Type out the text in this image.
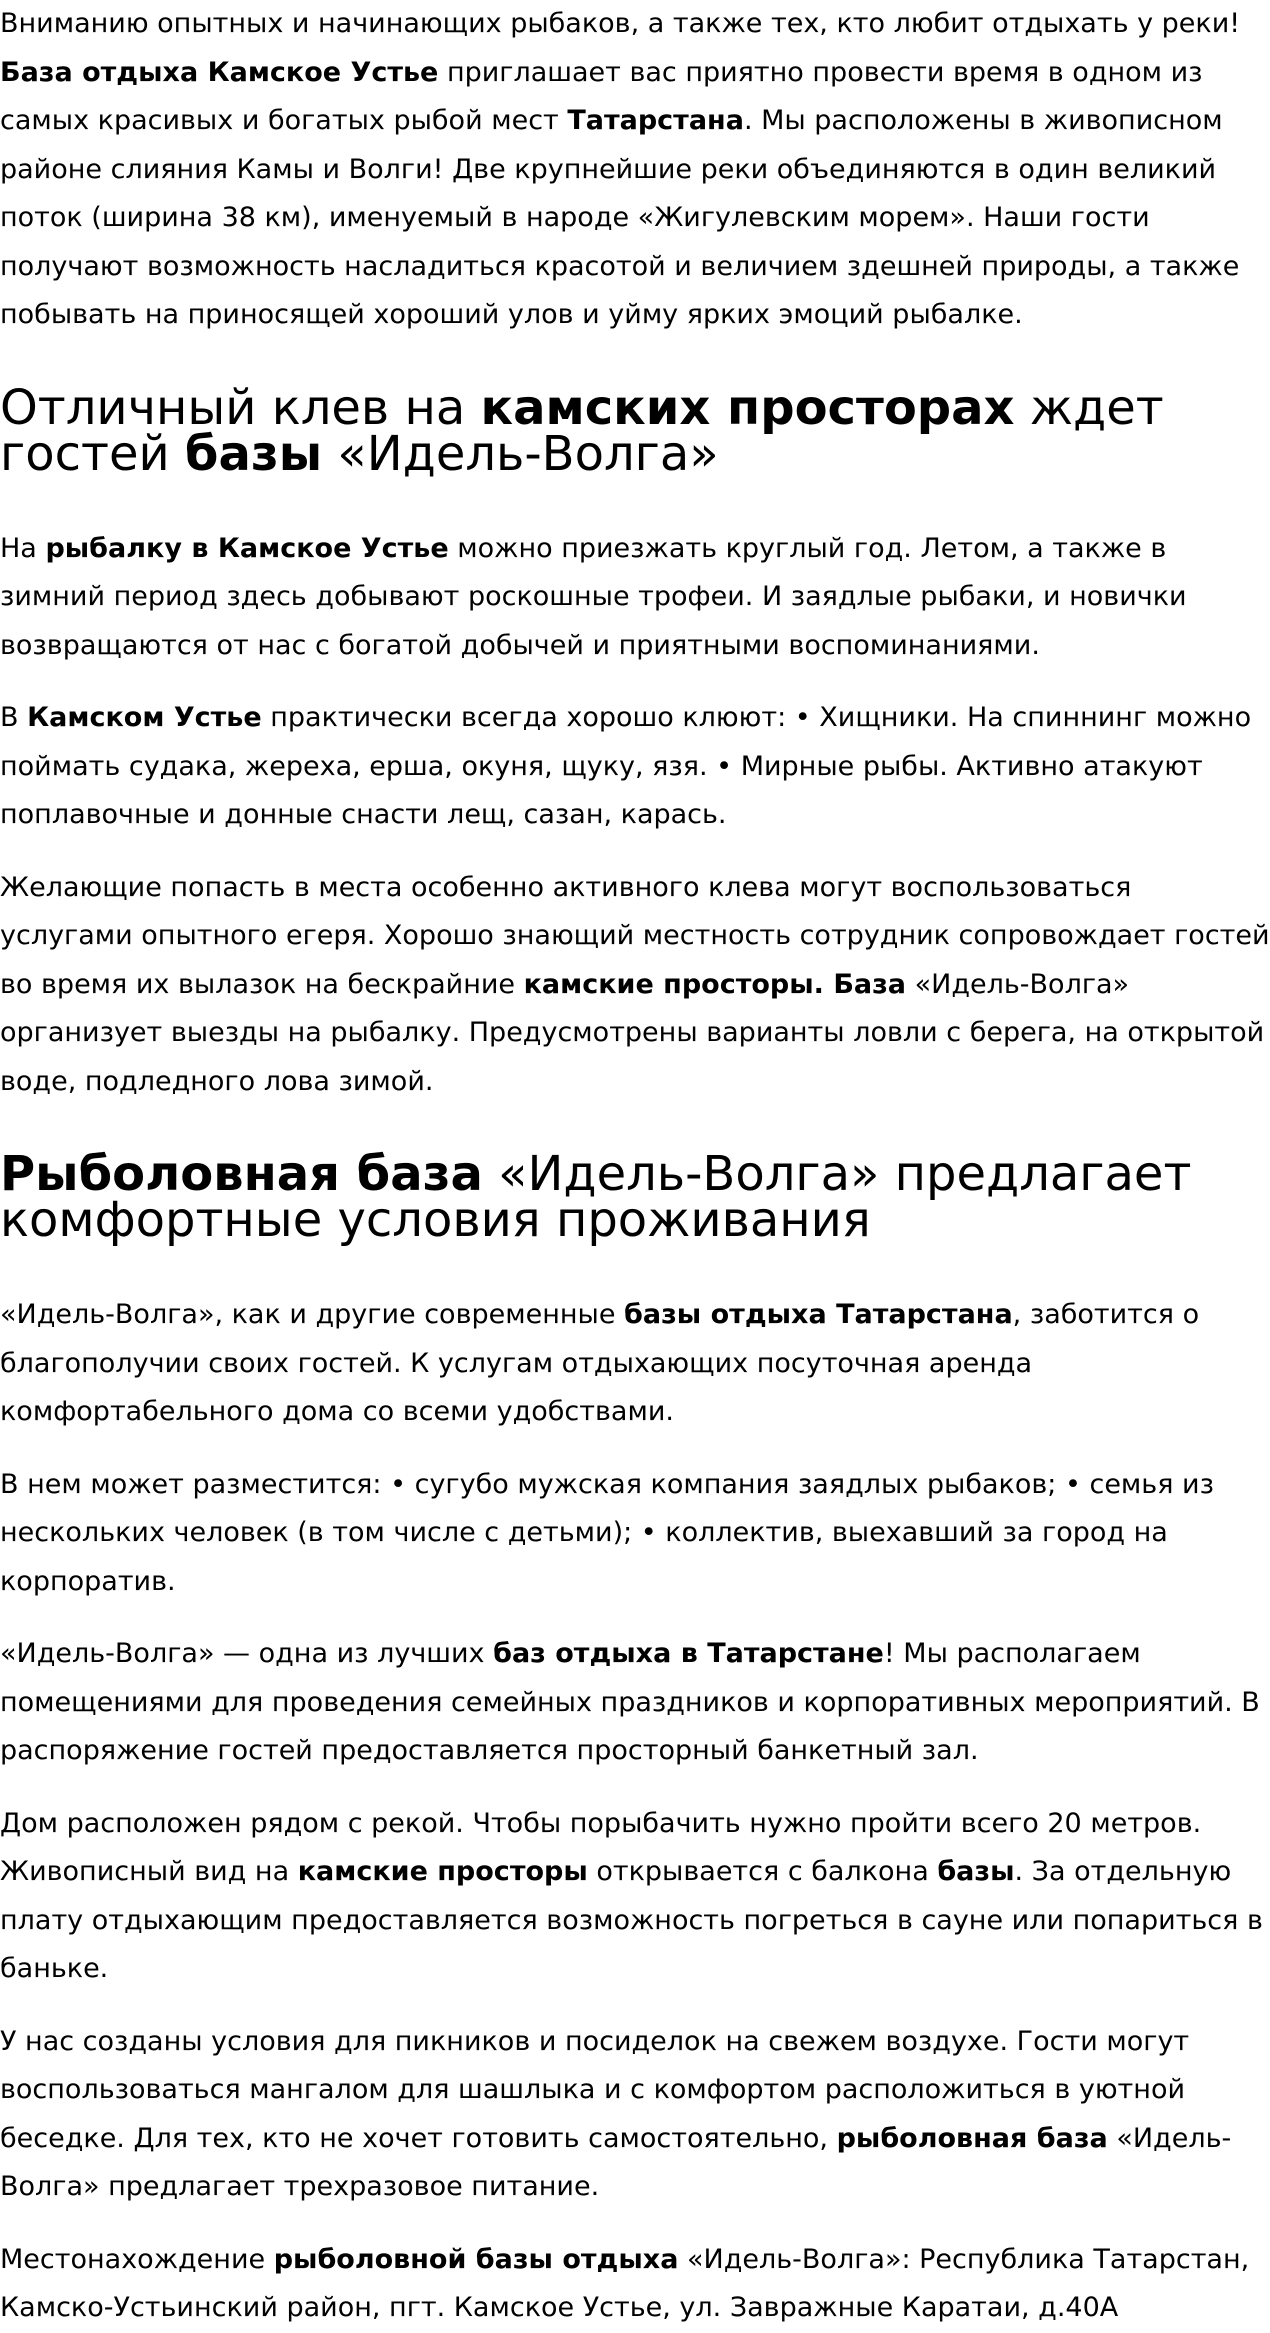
Вниманию опытных и начинающих рыбаков, а также тех, кто любит отдыхать у реки! База отдыха Камское Устье приглашает вас приятно провести время в одном из самых красивых и богатых рыбой мест Татарстана. Мы расположены в живописном районе слияния Камы и Волги! Две крупнейшие реки объединяются в один великий поток (ширина 38 км), именуемый в народе «Жигулевским морем». Наши гости получают возможность насладиться красотой и величием здешней природы, а также побывать на приносящей хороший улов и уйму ярких эмоций рыбалке.

Отличный клев на камских просторах ждет гостей базы «Идель-Волга»

На рыбалку в Камское Устье можно приезжать круглый год. Летом, а также в зимний период здесь добывают роскошные трофеи. И заядлые рыбаки, и новички возвращаются от нас с богатой добычей и приятными воспоминаниями.

В Камском Устье практически всегда хорошо клюют: • Хищники. На спиннинг можно поймать судака, жереха, ерша, окуня, щуку, язя. • Мирные рыбы. Активно атакуют поплавочные и донные снасти лещ, сазан, карась.

Желающие попасть в места особенно активного клева могут воспользоваться услугами опытного егеря. Хорошо знающий местность сотрудник сопровождает гостей во время их вылазок на бескрайние камские просторы. База «Идель-Волга» организует выезды на рыбалку. Предусмотрены варианты ловли с берега, на открытой воде, подледного лова зимой.

Рыболовная база «Идель-Волга» предлагает комфортные условия проживания

«Идель-Волга», как и другие современные базы отдыха Татарстана, заботится о благополучии своих гостей. К услугам отдыхающих посуточная аренда комфортабельного дома со всеми удобствами.

В нем может разместится: • сугубо мужская компания заядлых рыбаков; • семья из нескольких человек (в том числе с детьми); • коллектив, выехавший за город на корпоратив.

«Идель-Волга» — одна из лучших баз отдыха в Татарстане! Мы располагаем помещениями для проведения семейных праздников и корпоративных мероприятий. В распоряжение гостей предоставляется просторный банкетный зал.

Дом расположен рядом с рекой. Чтобы порыбачить нужно пройти всего 20 метров. Живописный вид на камские просторы открывается с балкона базы. За отдельную плату отдыхающим предоставляется возможность погреться в сауне или попариться в баньке.

У нас созданы условия для пикников и посиделок на свежем воздухе. Гости могут воспользоваться мангалом для шашлыка и с комфортом расположиться в уютной беседке. Для тех, кто не хочет готовить самостоятельно, рыболовная база «Идель-Волга» предлагает трехразовое питание.

Местонахождение рыболовной базы отдыха «Идель-Волга»: Республика Татарстан, Камско-Устьинский район, пгт. Камское Устье, ул. Завражные Каратаи, д.40А
